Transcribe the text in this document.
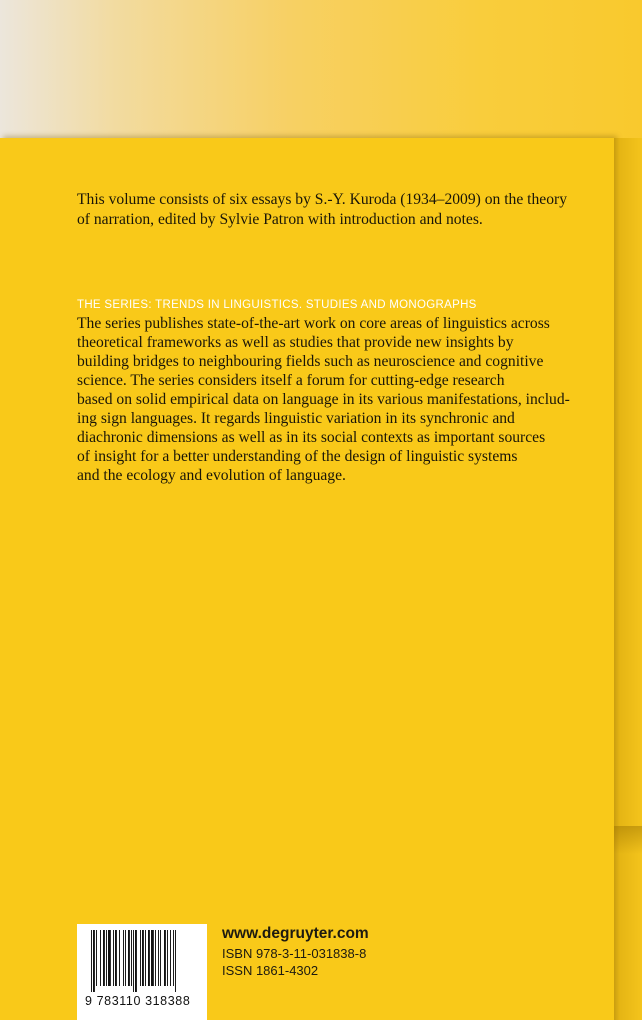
This volume consists of six essays by S.-Y. Kuroda (1934–2009) on the theory of narration, edited by Sylvie Patron with introduction and notes.

THE SERIES: TRENDS IN LINGUISTICS. STUDIES AND MONOGRAPHS

The series publishes state-of-the-art work on core areas of linguistics across
theoretical frameworks as well as studies that provide new insights by
building bridges to neighbouring fields such as neuroscience and cognitive
science. The series considers itself a forum for cutting-edge research
based on solid empirical data on language in its various manifestations, includ-
ing sign languages. It regards linguistic variation in its synchronic and
diachronic dimensions as well as in its social contexts as important sources
of insight for a better understanding of the design of linguistic systems
and the ecology and evolution of language.

9 783110 318388
www.degruyter.com
ISBN 978-3-11-031838-8
ISSN 1861-4302
